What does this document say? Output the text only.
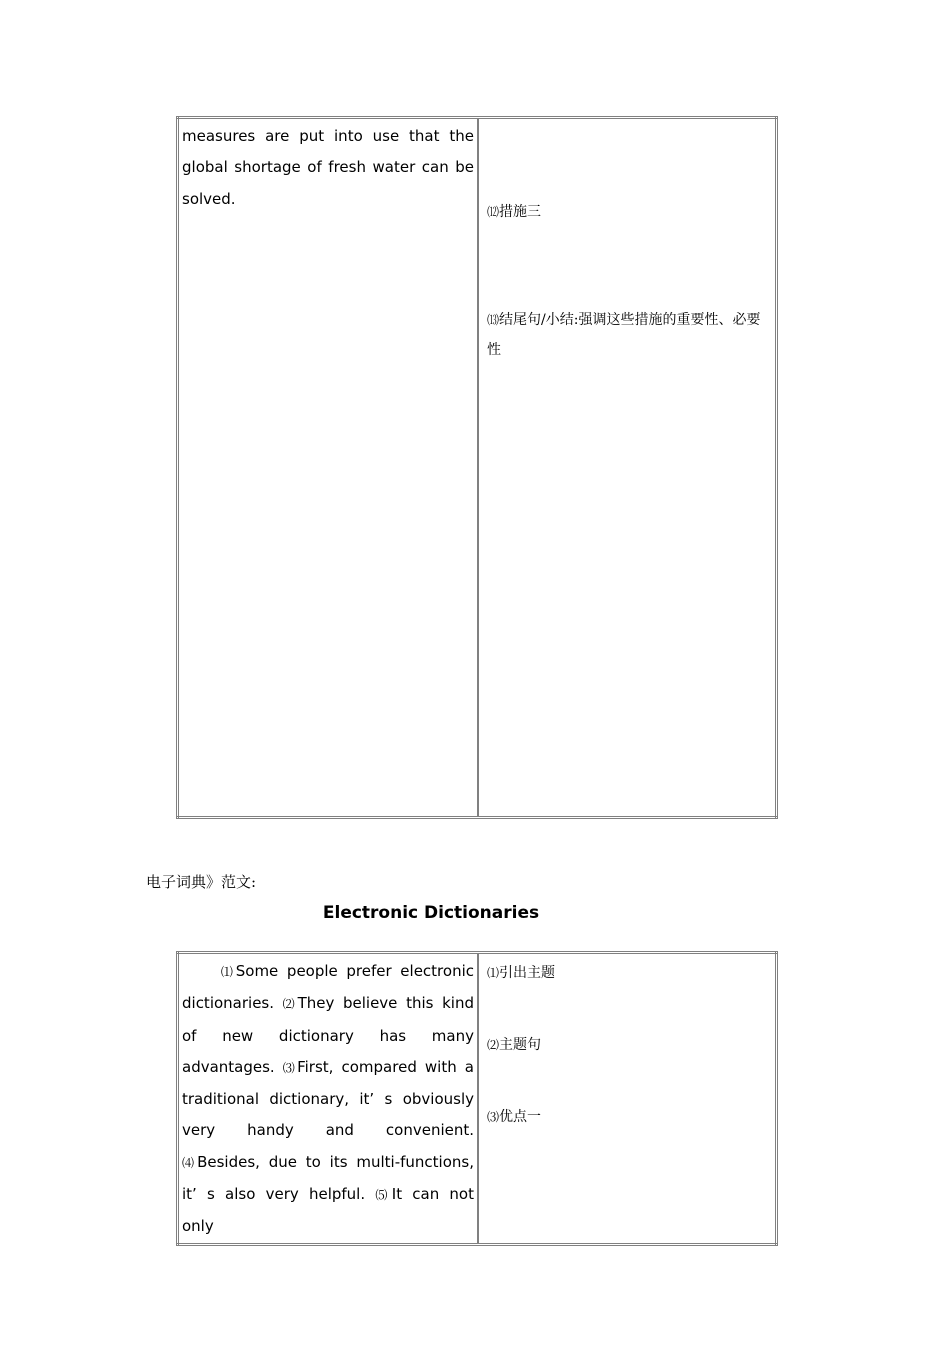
measures are put into use that the global shortage of fresh water can be solved.

⑿措施三
⒀结尾句/小结:强调这些措施的重要性、必要性
电子词典》范文:
Electronic Dictionaries
⑴Some people prefer electronic dictionaries. ⑵They believe this kind of new dictionary has many advantages. ⑶First, compared with a traditional dictionary, it’ s obviously very handy and convenient. ⑷Besides, due to its multi-functions, it’ s also very helpful. ⑸It can not only

⑴引出主题
⑵主题句
⑶优点一
